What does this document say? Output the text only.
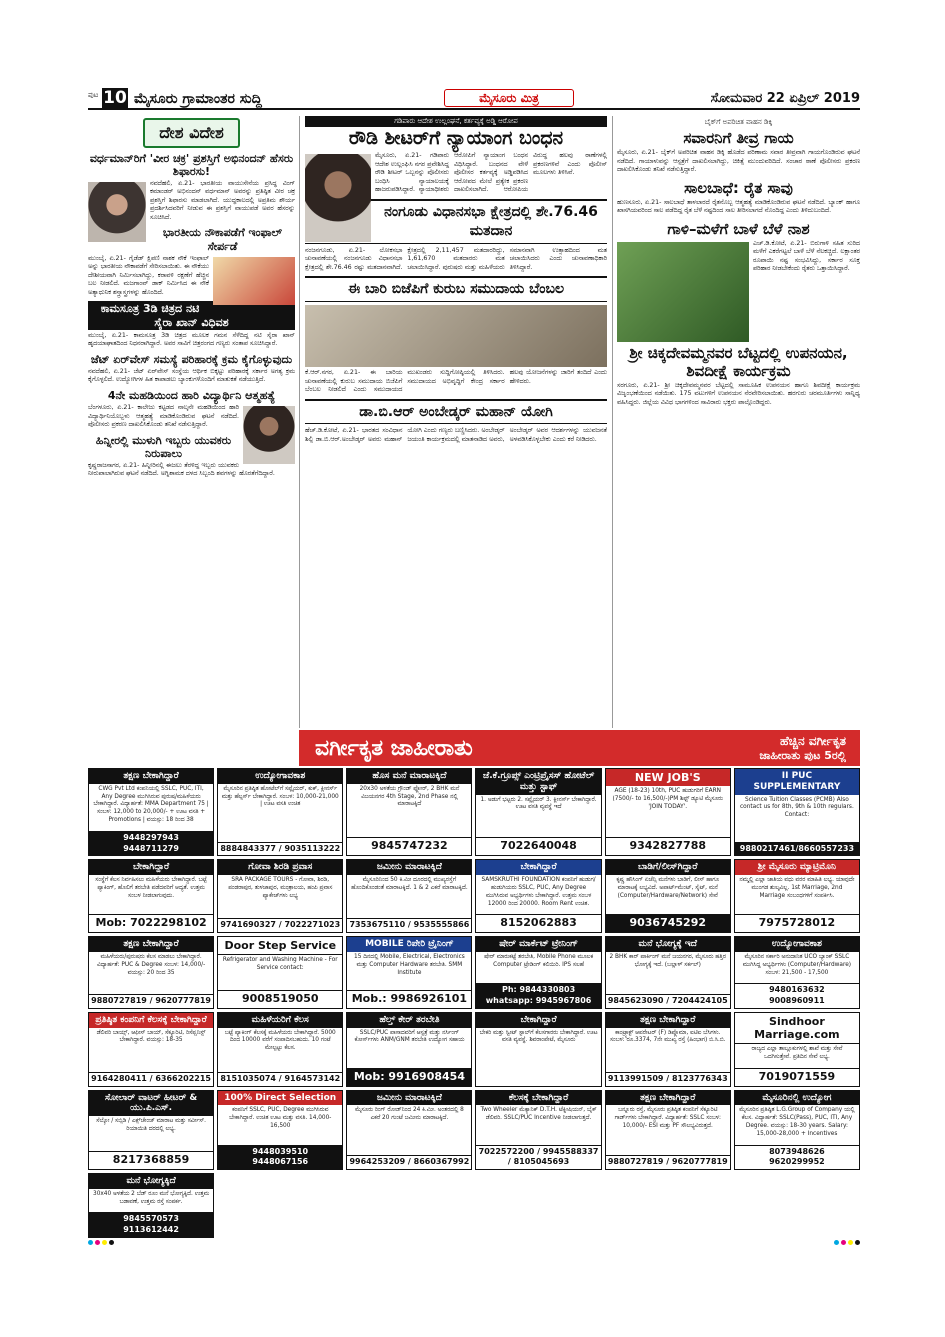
ಪುಟ 10 ಮೈಸೂರು ಗ್ರಾಮಾಂತರ ಸುದ್ದಿ	ಮೈಸೂರು ಮಿತ್ರ	ಸೋಮವಾರ 22 ಏಪ್ರಿಲ್ 2019
ದೇಶ ವಿದೇಶ
ವರ್ಧಮಾನ್‌ರಿಗೆ 'ವೀರ ಚಕ್ರ' ಪ್ರಶಸ್ತಿಗೆ ಅಭಿನಂದನ್ ಹೆಸರು ಶಿಫಾರಸು!

ನವದೆಹಲಿ, ಏ.21- ಭಾರತೀಯ ವಾಯುಸೇನೆಯ ಪ್ರಸಿದ್ಧ ವಿಂಗ್ ಕಮಾಂಡರ್ ಅಭಿನಂದನ್ ವರ್ಧಮಾನ್ ಅವರನ್ನು ಪ್ರತಿಷ್ಠಿತ ವೀರ ಚಕ್ರ ಪ್ರಶಸ್ತಿಗೆ ಶಿಫಾರಸು ಮಾಡಲಾಗಿದೆ. ಯುದ್ಧಕಾಲದಲ್ಲಿ ಅಪ್ರತಿಮ ಶೌರ್ಯ ಪ್ರದರ್ಶಿಸಿದವರಿಗೆ ನೀಡುವ ಈ ಪ್ರಶಸ್ತಿಗೆ ವಾಯುಪಡೆ ಅವರ ಹೆಸರನ್ನು ಸೂಚಿಸಿದೆ.

ಭಾರತೀಯ ನೌಕಾಪಡೆಗೆ ಇಂಫಾಲ್ ಸೇರ್ಪಡೆ

ಮುಂಬೈ, ಏ.21- ಗೈಡೆಡ್ ಕ್ಷಿಪಣಿ ನಾಶಕ ನೌಕೆ ಇಂಫಾಲ್ ಅನ್ನು ಭಾರತೀಯ ನೌಕಾಪಡೆಗೆ ಸೇರಿಸಲಾಯಿತು. ಈ ನೌಕೆಯು ದೇಶೀಯವಾಗಿ ನಿರ್ಮಿಸಲಾಗಿದ್ದು, ಕರಾವಳಿ ರಕ್ಷಣೆಗೆ ಹೆಚ್ಚಿನ ಬಲ ನೀಡಲಿದೆ. ಮಜಗಾಂವ್ ಡಾಕ್ ನಿರ್ಮಿಸಿದ ಈ ನೌಕೆ ಅತ್ಯಾಧುನಿಕ ಶಸ್ತ್ರಾಸ್ತ್ರಗಳನ್ನು ಹೊಂದಿದೆ.

ಕಾಮಸೂತ್ರ 3ಡಿ ಚಿತ್ರದ ನಟಿ ಸೈರಾ ಖಾನ್ ವಿಧಿವಶ

ಮುಂಬೈ, ಏ.21- ಕಾಮಸೂತ್ರ 3ಡಿ ಚಿತ್ರದ ಮೂಲಕ ಗಮನ ಸೆಳೆದಿದ್ದ ನಟಿ ಸೈರಾ ಖಾನ್ ಹೃದಯಾಘಾತದಿಂದ ನಿಧನರಾಗಿದ್ದಾರೆ. ಅವರ ಸಾವಿಗೆ ಚಿತ್ರರಂಗದ ಗಣ್ಯರು ಸಂತಾಪ ಸೂಚಿಸಿದ್ದಾರೆ.

ಜೆಟ್ ಏರ್‌ವೇಸ್ ಸಮಸ್ಯೆ ಪರಿಹಾರಕ್ಕೆ ಕ್ರಮ ಕೈಗೊಳ್ಳುವುದು

ನವದೆಹಲಿ, ಏ.21- ಜೆಟ್ ಏರ್‌ವೇಸ್ ಸಂಸ್ಥೆಯ ಆರ್ಥಿಕ ಬಿಕ್ಕಟ್ಟು ಪರಿಹಾರಕ್ಕೆ ಸರ್ಕಾರ ಅಗತ್ಯ ಕ್ರಮ ಕೈಗೊಳ್ಳಲಿದೆ. ಉದ್ಯೋಗಿಗಳ ಹಿತ ಕಾಪಾಡಲು ಬ್ಯಾಂಕುಗಳೊಂದಿಗೆ ಮಾತುಕತೆ ನಡೆಯುತ್ತಿದೆ.

4ನೇ ಮಹಡಿಯಿಂದ ಹಾರಿ ವಿದ್ಯಾರ್ಥಿನಿ ಆತ್ಮಹತ್ಯೆ

ಬೆಂಗಳೂರು, ಏ.21- ಕಾಲೇಜು ಕಟ್ಟಡದ ನಾಲ್ಕನೇ ಮಹಡಿಯಿಂದ ಹಾರಿ ವಿದ್ಯಾರ್ಥಿನಿಯೊಬ್ಬಳು ಆತ್ಮಹತ್ಯೆ ಮಾಡಿಕೊಂಡಿರುವ ಘಟನೆ ನಡೆದಿದೆ. ಪೊಲೀಸರು ಪ್ರಕರಣ ದಾಖಲಿಸಿಕೊಂಡು ತನಿಖೆ ನಡೆಸುತ್ತಿದ್ದಾರೆ.

ಹಿನ್ನೀರಲ್ಲಿ ಮುಳುಗಿ ಇಬ್ಬರು ಯುವಕರು ನಿರುಪಾಲು

ಕೃಷ್ಣರಾಜಸಾಗರ, ಏ.21- ಹಿನ್ನೀರಿನಲ್ಲಿ ಈಜಲು ತೆರಳಿದ್ದ ಇಬ್ಬರು ಯುವಕರು ನೀರುಪಾಲಾಗಿರುವ ಘಟನೆ ನಡೆದಿದೆ. ಅಗ್ನಿಶಾಮಕ ದಳದ ಸಿಬ್ಬಂದಿ ಶವಗಳನ್ನು ಹೊರತೆಗೆದಿದ್ದಾರೆ.

ಗಡಿಪಾರು ಆದೇಶ ಉಲ್ಲಂಘನೆ, ಕರ್ತವ್ಯಕ್ಕೆ ಅಡ್ಡಿ ಆರೋಪ
ರೌಡಿ ಶೀಟರ್‌ಗೆ ನ್ಯಾಯಾಂಗ ಬಂಧನ

ಮೈಸೂರು, ಏ.21- ಗಡಿಪಾರು ಆದೇಶ ಉಲ್ಲಂಘಿಸಿ ನಗರ ಪ್ರವೇಶಿಸಿದ್ದ ರೌಡಿ ಶೀಟರ್ ಒಬ್ಬನನ್ನು ಪೊಲೀಸರು ಬಂಧಿಸಿ ನ್ಯಾಯಾಲಯಕ್ಕೆ ಹಾಜರುಪಡಿಸಿದ್ದಾರೆ. ನ್ಯಾಯಾಧೀಶರು ಆರೋಪಿಗೆ ನ್ಯಾಯಾಂಗ ಬಂಧನ ವಿಧಿಸಿದ್ದಾರೆ. ಬಂಧನದ ವೇಳೆ ಪೊಲೀಸರ ಕರ್ತವ್ಯಕ್ಕೆ ಅಡ್ಡಿಪಡಿಸಿದ ಆರೋಪದ ಮೇಲೆ ಪ್ರತ್ಯೇಕ ಪ್ರಕರಣ ದಾಖಲಿಸಲಾಗಿದೆ. ಆರೋಪಿಯ ವಿರುದ್ಧ ಹಲವು ಠಾಣೆಗಳಲ್ಲಿ ಪ್ರಕರಣಗಳಿವೆ ಎಂದು ಪೊಲೀಸ್ ಮೂಲಗಳು ತಿಳಿಸಿವೆ.

ನಂಗೂಡು ವಿಧಾನಸಭಾ ಕ್ಷೇತ್ರದಲ್ಲಿ ಶೇ.76.46 ಮತದಾನ

ನಂಜನಗೂಡು, ಏ.21- ಲೋಕಸಭಾ ಚುನಾವಣೆಯಲ್ಲಿ ನಂಜನಗೂಡು ವಿಧಾನಸಭಾ ಕ್ಷೇತ್ರದಲ್ಲಿ ಶೇ.76.46 ರಷ್ಟು ಮತದಾನವಾಗಿದೆ. ಕ್ಷೇತ್ರದಲ್ಲಿ 2,11,457 ಮತದಾರರಿದ್ದು, 1,61,670 ಮತದಾರರು ಮತ ಚಲಾಯಿಸಿದ್ದಾರೆ. ಪುರುಷರು ಮತ್ತು ಮಹಿಳೆಯರು ಸಮಾನವಾಗಿ ಉತ್ಸಾಹದಿಂದ ಮತ ಚಲಾಯಿಸಿದರು ಎಂದು ಚುನಾವಣಾಧಿಕಾರಿ ತಿಳಿಸಿದ್ದಾರೆ.

ಈ ಬಾರಿ ಬಿಜೆಪಿಗೆ ಕುರುಬ ಸಮುದಾಯ ಬೆಂಬಲ

ಕೆ.ಆರ್.ನಗರ, ಏ.21- ಈ ಬಾರಿಯ ಚುನಾವಣೆಯಲ್ಲಿ ಕುರುಬ ಸಮುದಾಯ ಬಿಜೆಪಿಗೆ ಬೆಂಬಲ ನೀಡಲಿದೆ ಎಂದು ಸಮುದಾಯದ ಮುಖಂಡರು ಸುದ್ದಿಗೋಷ್ಠಿಯಲ್ಲಿ ತಿಳಿಸಿದರು. ಸಮುದಾಯದ ಅಭಿವೃದ್ಧಿಗೆ ಕೇಂದ್ರ ಸರ್ಕಾರ ಹಲವು ಯೋಜನೆಗಳನ್ನು ಜಾರಿಗೆ ತಂದಿದೆ ಎಂದು ಹೇಳಿದರು.

ಡಾ.ಬಿ.ಆರ್ ಅಂಬೇಡ್ಕರ್ ಮಹಾನ್ ಯೋಗಿ

ಹೆಚ್.ಡಿ.ಕೋಟೆ, ಏ.21- ಭಾರತದ ಸಂವಿಧಾನ ಶಿಲ್ಪಿ ಡಾ.ಬಿ.ಆರ್.ಅಂಬೇಡ್ಕರ್ ಅವರು ಮಹಾನ್ ಯೋಗಿ ಎಂದು ಗಣ್ಯರು ಬಣ್ಣಿಸಿದರು. ಅಂಬೇಡ್ಕರ್ ಜಯಂತಿ ಕಾರ್ಯಕ್ರಮದಲ್ಲಿ ಮಾತನಾಡಿದ ಅವರು, ಅಂಬೇಡ್ಕರ್ ಅವರ ಆದರ್ಶಗಳನ್ನು ಯುವಜನತೆ ಅಳವಡಿಸಿಕೊಳ್ಳಬೇಕು ಎಂದು ಕರೆ ನೀಡಿದರು.

ಬೈಕ್‌ಗೆ ಅಪರಿಚಿತ ವಾಹನ ಡಿಕ್ಕಿ
ಸವಾರನಿಗೆ ತೀವ್ರ ಗಾಯ

ಮೈಸೂರು, ಏ.21- ಬೈಕ್‌ಗೆ ಅಪರಿಚಿತ ವಾಹನ ಡಿಕ್ಕಿ ಹೊಡೆದ ಪರಿಣಾಮ ಸವಾರ ತೀವ್ರವಾಗಿ ಗಾಯಗೊಂಡಿರುವ ಘಟನೆ ನಡೆದಿದೆ. ಗಾಯಾಳುವನ್ನು ಆಸ್ಪತ್ರೆಗೆ ದಾಖಲಿಸಲಾಗಿದ್ದು, ಚಿಕಿತ್ಸೆ ಮುಂದುವರಿದಿದೆ. ಸಂಚಾರ ಠಾಣೆ ಪೊಲೀಸರು ಪ್ರಕರಣ ದಾಖಲಿಸಿಕೊಂಡು ತನಿಖೆ ನಡೆಸುತ್ತಿದ್ದಾರೆ.

ಸಾಲಬಾಧೆ: ರೈತ ಸಾವು

ಹುಣಸೂರು, ಏ.21- ಸಾಲಬಾಧೆ ತಾಳಲಾರದೆ ರೈತನೊಬ್ಬ ಆತ್ಮಹತ್ಯೆ ಮಾಡಿಕೊಂಡಿರುವ ಘಟನೆ ನಡೆದಿದೆ. ಬ್ಯಾಂಕ್ ಹಾಗೂ ಖಾಸಗಿಯವರಿಂದ ಸಾಲ ಪಡೆದಿದ್ದ ರೈತ ಬೆಳೆ ನಷ್ಟದಿಂದ ಸಾಲ ತೀರಿಸಲಾಗದೆ ನೊಂದಿದ್ದ ಎಂದು ತಿಳಿದುಬಂದಿದೆ.

ಗಾಳಿ–ಮಳೆಗೆ ಬಾಳೆ ಬೆಳೆ ನಾಶ

ಎಚ್.ಡಿ.ಕೋಟೆ, ಏ.21- ಬಿರುಗಾಳಿ ಸಹಿತ ಸುರಿದ ಮಳೆಗೆ ಎಕರೆಗಟ್ಟಲೆ ಬಾಳೆ ಬೆಳೆ ನೆಲಕಚ್ಚಿದೆ. ಲಕ್ಷಾಂತರ ರೂಪಾಯಿ ನಷ್ಟ ಸಂಭವಿಸಿದ್ದು, ಸರ್ಕಾರ ಸೂಕ್ತ ಪರಿಹಾರ ನೀಡಬೇಕೆಂದು ರೈತರು ಒತ್ತಾಯಿಸಿದ್ದಾರೆ.

ಶ್ರೀ ಚಿಕ್ಕದೇವಮ್ಮನವರ ಬೆಟ್ಟದಲ್ಲಿ ಉಪನಯನ, ಶಿವದೀಕ್ಷೆ ಕಾರ್ಯಕ್ರಮ

ಸರಗೂರು, ಏ.21- ಶ್ರೀ ಚಿಕ್ಕದೇವಮ್ಮನವರ ಬೆಟ್ಟದಲ್ಲಿ ಸಾಮೂಹಿಕ ಉಪನಯನ ಹಾಗೂ ಶಿವದೀಕ್ಷೆ ಕಾರ್ಯಕ್ರಮ ವಿಜೃಂಭಣೆಯಿಂದ ನಡೆಯಿತು. 175 ವಟುಗಳಿಗೆ ಉಪನಯನ ನೆರವೇರಿಸಲಾಯಿತು. ಹರಗುರು ಚರಮೂರ್ತಿಗಳು ಸಾನ್ನಿಧ್ಯ ವಹಿಸಿದ್ದರು. ಜಿಲ್ಲೆಯ ವಿವಿಧ ಭಾಗಗಳಿಂದ ಸಾವಿರಾರು ಭಕ್ತರು ಪಾಲ್ಗೊಂಡಿದ್ದರು.

ವರ್ಗೀಕೃತ ಜಾಹೀರಾತು	ಹೆಚ್ಚಿನ ವರ್ಗೀಕೃತ
ಜಾಹೀರಾತು ಪುಟ 5ರಲ್ಲಿ
ತಕ್ಷಣ ಬೇಕಾಗಿದ್ದಾರೆ
CWG Pvt Ltd ಕಂಪನಿಯಲ್ಲಿ SSLC, PUC, ITI, Any Degree ಮುಗಿಸಿರುವ ಪುರುಷ/ಮಹಿಳೆಯರು ಬೇಕಾಗಿದ್ದಾರೆ. ವಿದ್ಯಾರ್ಹತೆ: MMA Department 75 | ಸಂಬಳ: 12,000 to 20,000/- + ಊಟ ವಸತಿ + Promotions | ವಯಸ್ಸು: 18 ರಿಂದ 38
9448297943
9448711279
ಉದ್ಯೋಗಾವಕಾಶ
ಮೈಸೂರಿನ ಪ್ರತಿಷ್ಠಿತ ಹೋಟೆಲ್‌ಗೆ ಸಪ್ಲೈಯರ್, ಕುಕ್, ಕ್ಲೀನರ್ಸ್ ಮತ್ತು ಹೆಲ್ಪರ್ಸ್ ಬೇಕಾಗಿದ್ದಾರೆ. ಸಂಬಳ: 10,000-21,000 | ಊಟ ವಸತಿ ಉಚಿತ
8884843377 / 9035113222
ಹೊಸ ಮನೆ ಮಾರಾಟಕ್ಕಿದೆ
20x30 ಅಳತೆಯ ಗ್ರೌಂಡ್ ಫ್ಲೋರ್, 2 BHK ಮನೆ ವಿಜಯನಗರ 4th Stage, 2nd Phase ನಲ್ಲಿ ಮಾರಾಟಕ್ಕಿದೆ
9845747232
ಜೆ.ಕೆ.ಗ್ರೂಪ್ಸ್ ಎಂಟ್ರಿಪ್ರೈಸಸ್ ಹೋಟೆಲ್ ಮತ್ತು ಸ್ಟಾಫ್
1. ಅಡುಗೆ ಭಟ್ಟರು 2. ಸಪ್ಲೈಯರ್ 3. ಕ್ಲೀನರ್ಸ್ ಬೇಕಾಗಿದ್ದಾರೆ. ಊಟ ವಸತಿ ವ್ಯವಸ್ಥೆ ಇದೆ
7022640048
NEW JOB'S
AGE (18-23) 10th, PUC ಹುಡುಗರಿಗೆ EARN (7500/- to 16,500/-)PM ಶಿಫ್ಟ್ ಡ್ಯೂಟಿ ಮೈಸೂರು 'JOIN TODAY'.
9342827788
II PUC SUPPLEMENTARY
Science Tuition Classes (PCMB) Also contact us for 8th, 9th & 10th regulars. Contact:
9880217461/8660557233
ಬೇಕಾಗಿದ್ದಾರೆ
ಸಂಸ್ಥೆಗೆ ಕೆಲಸ ನಿರ್ವಹಿಸಲು ಮಹಿಳೆಯರು ಬೇಕಾಗಿದ್ದಾರೆ. ಬಟ್ಟೆ ಪ್ಯಾಕಿಂಗ್, ಹೊಲಿಗೆ ತರಬೇತಿ ಪಡೆದವರಿಗೆ ಆದ್ಯತೆ. ಉತ್ತಮ ಸಂಬಳ ನೀಡಲಾಗುವುದು.
Mob: 7022298102
ಗೋವಾ ಶಿರಡಿ ಪ್ರವಾಸ
SRA PACKAGE TOURS - ಗೋವಾ, ಶಿರಡಿ, ಪಂಡರಾಪುರ, ತುಳಜಾಪುರ, ಮಂತ್ರಾಲಯ, ಹಂಪಿ ಪ್ರವಾಸ ಪ್ಯಾಕೇಜ್‌ಗಳು ಲಭ್ಯ
9741690327 / 7022271023
ಜಮೀನು ಮಾರಾಟಕ್ಕಿದೆ
ಮೈಸೂರಿನಿಂದ 50 ಕಿ.ಮೀ ದೂರದಲ್ಲಿ ಮುಖ್ಯರಸ್ತೆಗೆ ಹೊಂದಿಕೊಂಡಂತೆ ಮಾರಾಟಕ್ಕಿದೆ. 1 & 2 ಎಕರೆ ಮಾರಾಟಕ್ಕಿದೆ.
7353675110 / 9535555866
ಬೇಕಾಗಿದ್ದಾರೆ
SAMSKRUTHI FOUNDATION ಕಂಪನಿಗೆ ಹುಡುಗ/ಹುಡುಗಿಯರು SSLC, PUC, Any Degree ಮುಗಿಸಿರುವ ಅಭ್ಯರ್ಥಿಗಳು ಬೇಕಾಗಿದ್ದಾರೆ. ಉತ್ತಮ ಸಂಬಳ 12000 ರಿಂದ 20000. Room Rent ಉಚಿತ.
8152062883
ಬಾಡಿಗೆ/ಲೀಸ್‌ಗಿದ್ದಾರೆ
ಕೃಷ್ಣ ಹೌಸಿಂಗ್ ಏಜೆನ್ಸಿ ಮನೆಗಳು ಬಾಡಿಗೆ, ಲೀಸ್ ಹಾಗೂ ಮಾರಾಟಕ್ಕೆ ಲಭ್ಯವಿದೆ. ಅಪಾರ್ಟ್‌ಮೆಂಟ್, ಸೈಟ್, ಮನೆ (Computer/Hardware/Network) ಸೇವೆ
9036745292
ಶ್ರೀ ಮೈಸೂರು ಮ್ಯಾಟ್ರಿಮೊನಿ
ನಮ್ಮಲ್ಲಿ ಎಲ್ಲಾ ಜಾತಿಯ ವಧು ವರರ ಮಾಹಿತಿ ಲಭ್ಯ. ಯಾವುದೇ ಮುಂಗಡ ಶುಲ್ಕವಿಲ್ಲ. 1st Marriage, 2nd Marriage ಸಂಬಂಧಗಳಿಗೆ ಸಂಪರ್ಕಿಸಿ.
7975728012
ತಕ್ಷಣ ಬೇಕಾಗಿದ್ದಾರೆ
ಮಹಿಳೆಯರು/ಪುರುಷರು ಕೆಲಸ ಮಾಡಲು ಬೇಕಾಗಿದ್ದಾರೆ. ವಿದ್ಯಾರ್ಹತೆ: PUC & Degree ಸಂಬಳ: 14,000/- ವಯಸ್ಸು: 20 ರಿಂದ 35
9880727819 / 9620777819
Door Step Service
Refrigerator and Washing Machine - For Service contact:
9008519050
MOBILE ರಿಪೇರಿ ಟ್ರೈನಿಂಗ್
15 ದಿನದಲ್ಲಿ Mobile, Electrical, Electronics ಮತ್ತು Computer Hardware ತರಬೇತಿ. SMM Institute
Mob.: 9986926101
ಷೇರ್ ಮಾರ್ಕೆಟ್ ಟ್ರೇನಿಂಗ್
ಷೇರ್ ಮಾರುಕಟ್ಟೆ ತರಬೇತಿ, Mobile Phone ಮೂಲಕ Computer ಟ್ರೇಡಿಂಗ್ ಕಲಿಯಿರಿ. IPS ಸಲಹೆ
Ph: 9844330803
whatsapp: 9945967806
ಮನೆ ಭೋಗ್ಯಕ್ಕೆ ಇದೆ
2 BHK ಕಾರ್ ಪಾರ್ಕಿಂಗ್ ಮನೆ ಜಯನಗರ, ಮೈಸೂರು ಹತ್ತಿರ ಭೋಗ್ಯಕ್ಕೆ ಇದೆ. (ಬಲ್ಲಾಳ್ ಸರ್ಕಲ್)
9845623090 / 7204424105
ಉದ್ಯೋಗಾವಕಾಶ
ಮೈಸೂರಿನ ಸರ್ಕಾರಿ ಅನುದಾನಿತ UCO ಬ್ಯಾಂಕ್ SSLC ಮುಗಿಸಿದ್ದ ಅಭ್ಯರ್ಥಿಗಳು (Computer/Hardware) ಸಂಬಳ: 21,500 - 17,500
9480163632
9008960911
ಪ್ರತಿಷ್ಠಿತ ಕಂಪನಿಗೆ ಕೆಲಸಕ್ಕೆ ಬೇಕಾಗಿದ್ದಾರೆ
ಡೆಲಿವರಿ ಬಾಯ್ಸ್, ಆಫೀಸ್ ಬಾಯ್, ಸೆಕ್ಯೂರಿಟಿ, ರಿಸೆಪ್ಷನಿಸ್ಟ್ ಬೇಕಾಗಿದ್ದಾರೆ. ವಯಸ್ಸು: 18-35
9164280411 / 6366202215
ಮಹಿಳೆಯರಿಗೆ ಕೆಲಸ
ಬಟ್ಟೆ ಪ್ಯಾಕಿಂಗ್ ಕೆಲಸಕ್ಕೆ ಮಹಿಳೆಯರು ಬೇಕಾಗಿದ್ದಾರೆ. 5000 ದಿಂದ 10000 ವರೆಗೆ ಸಂಪಾದಿಸಬಹುದು. 10 ಗಂಟೆ ಮೇಲ್ಪಟ್ಟು ಕೆಲಸ.
8151035074 / 9164573142
ಹೆಲ್ತ್ ಕೇರ್ ತರಬೇತಿ
SSLC/PUC ಪಾಸಾದವರಿಗೆ ಆಸ್ಪತ್ರೆ ಮತ್ತು ನರ್ಸಿಂಗ್ ಕೋರ್ಸ್‌ಗಳು ANM/GNM ತರಬೇತಿ ಉದ್ಯೋಗ ಸಹಾಯ
Mob: 9916908454
ಬೇಕಾಗಿದ್ದಾರೆ
ಬೇಕರಿ ಮತ್ತು ಸ್ವೀಟ್ ಸ್ಟಾಲ್‌ಗೆ ಕೆಲಸಗಾರರು ಬೇಕಾಗಿದ್ದಾರೆ. ಊಟ ವಸತಿ ವ್ಯವಸ್ಥೆ. ಶಿವರಾಂಪೇಟೆ, ಮೈಸೂರು
ತಕ್ಷಣ ಬೇಕಾಗಿದ್ದಾರೆ
ಕಾಂಟ್ರ್ಯಾಕ್ಟ್ ಆಪರೇಟರ್ (F) ಡಿಪ್ಲೊಮಾ, ಐಟಿಐ ಬೆಸಿಗಳು. ಸಂಬಳ: ರೂ.3374, 7ನೇ ಮುಖ್ಯ ರಸ್ತೆ (ಹಿಂಭಾಗ) ಬಿ.ಸಿ.ಬಿ.
9113991509 / 8123776343
Sindhoor Marriage.com
ರಾಜ್ಯದ ಎಲ್ಲಾ ತಾಲ್ಲೂಕುಗಳಲ್ಲಿ ಶಾಖೆ ಮತ್ತು ಸೇವೆ ಒದಗಿಸುತ್ತೇವೆ. ಪ್ರತಿದಿನ ಸೇವೆ ಲಭ್ಯ.
7019071559
ಸೋಲಾರ್ ವಾಟರ್ ಹೀಟರ್ & ಯು.ಪಿ.ಎಸ್.
ಸೆಲ್ಕೋ / ಸಬ್ಸಿಡಿ / ಎಕ್ಸ್‌ಚೇಂಜ್ ಮಾರಾಟ ಮತ್ತು ಸರ್ವೀಸ್. ರಿಯಾಯಿತಿ ದರದಲ್ಲಿ ಲಭ್ಯ.
8217368859
100% Direct Selection
ಕಂಪನಿಗೆ SSLC, PUC, Degree ಮುಗಿಸಿರುವ ಬೇಕಾಗಿದ್ದಾರೆ. ಉಚಿತ ಊಟ ಮತ್ತು ವಸತಿ. 14,000-16,500
9448039510
9448067156
ಜಮೀನು ಮಾರಾಟಕ್ಕಿದೆ
ಮೈಸೂರು ರಿಂಗ್ ರೋಡ್‌ನಿಂದ 24 ಕಿ.ಮೀ. ಅಂತರದಲ್ಲಿ 8 ಎಕರೆ 20 ಗುಂಟೆ ಜಮೀನು ಮಾರಾಟಕ್ಕಿದೆ.
9964253209 / 8660367992
ಕೆಲಸಕ್ಕೆ ಬೇಕಾಗಿದ್ದಾರೆ
Two Wheeler ಮೆಕ್ಯಾನಿಕ್ D.T.H. ಟೆಕ್ನೀಷಿಯನ್, ಬೈಕ್ ಡೆಲಿವರಿ. SSLC/PUC Incentive ನೀಡಲಾಗುತ್ತದೆ.
7022572200 / 9945588337 / 8105045693
ತಕ್ಷಣ ಬೇಕಾಗಿದ್ದಾರೆ
ಬನ್ನೂರು ರಸ್ತೆ, ಮೈಸೂರು ಪ್ರತಿಷ್ಠಿತ ಕಂಪನಿಗೆ ಸೆಕ್ಯೂರಿಟಿ ಗಾರ್ಡ್‌ಗಳು ಬೇಕಾಗಿದ್ದಾರೆ. ವಿದ್ಯಾರ್ಹತೆ: SSLC ಸಂಬಳ: 10,000/- ESI ಮತ್ತು PF ಸೌಲಭ್ಯವಿರುತ್ತದೆ.
9880727819 / 9620777819
ಮೈಸೂರಿನಲ್ಲಿ ಉದ್ಯೋಗ
ಮೈಸೂರಿನ ಪ್ರತಿಷ್ಠಿತ L.G.Group of Company ಯಲ್ಲಿ ಕೆಲಸ. ವಿದ್ಯಾರ್ಹತೆ: SSLC(Pass), PUC, ITI, Any Degree. ವಯಸ್ಸು: 18-30 years. Salary: 15,000-28,000 + Incentives
8073948626
9620299952
ಮನೆ ಭೋಗ್ಯಕ್ಕಿದೆ
30x40 ಅಳತೆಯ 2 ಬೆಡ್ ರೂಂ ಮನೆ ಭೋಗ್ಯಕ್ಕಿದೆ. ಉತ್ತಮ ಬಡಾವಣೆ, ಉತ್ತಮ ರಸ್ತೆ ಸಂಪರ್ಕ.
9845570573
9113612442
